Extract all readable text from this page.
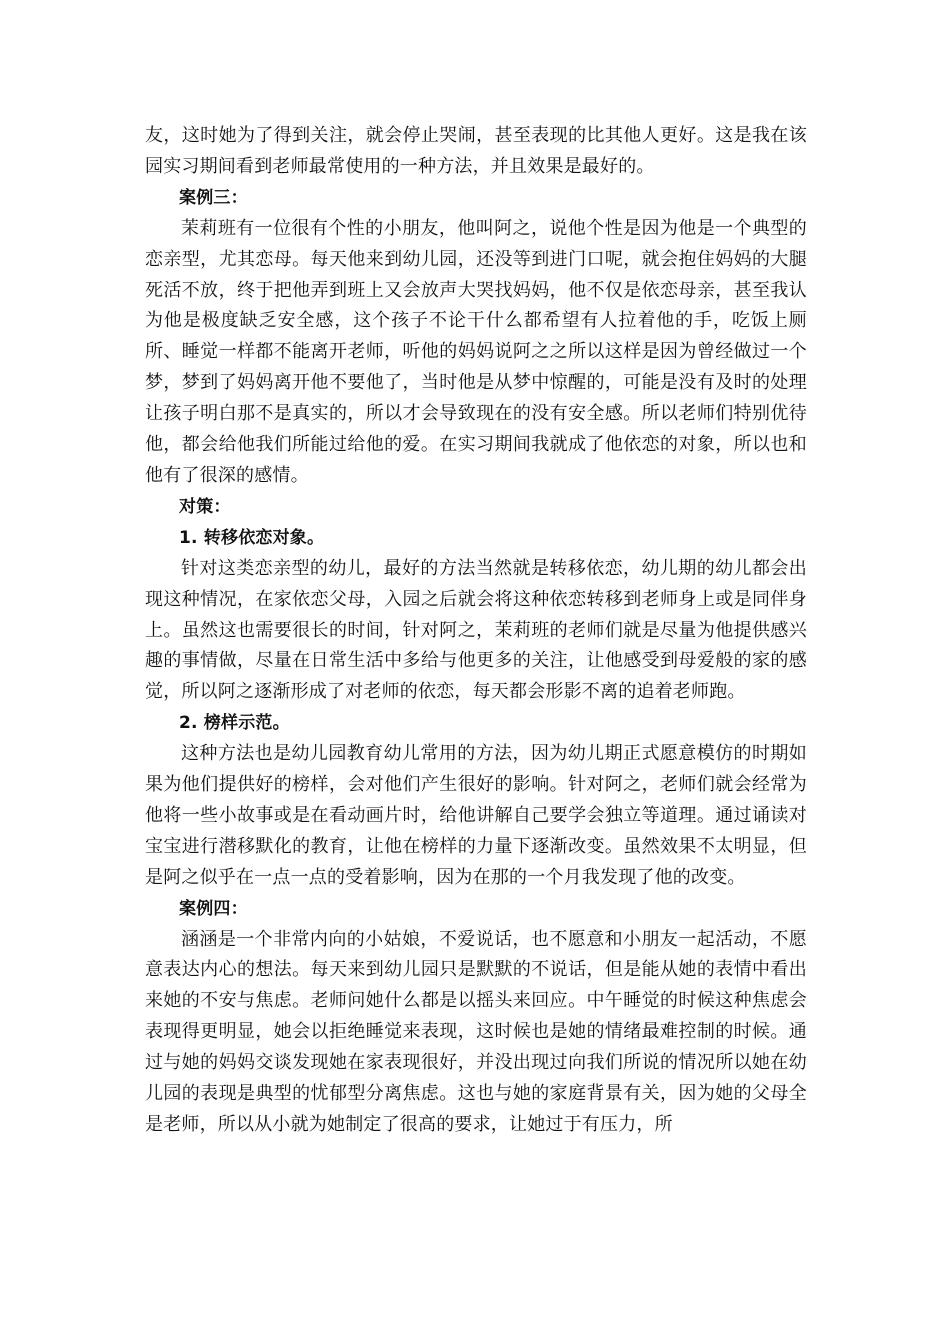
友，这时她为了得到关注，就会停止哭闹，甚至表现的比其他人更好。这是我在该园实习期间看到老师最常使用的一种方法，并且效果是最好的。

案例三：

茉莉班有一位很有个性的小朋友，他叫阿之，说他个性是因为他是一个典型的恋亲型，尤其恋母。每天他来到幼儿园，还没等到进门口呢，就会抱住妈妈的大腿死活不放，终于把他弄到班上又会放声大哭找妈妈，他不仅是依恋母亲，甚至我认为他是极度缺乏安全感，这个孩子不论干什么都希望有人拉着他的手，吃饭上厕所、睡觉一样都不能离开老师，听他的妈妈说阿之之所以这样是因为曾经做过一个梦，梦到了妈妈离开他不要他了，当时他是从梦中惊醒的，可能是没有及时的处理让孩子明白那不是真实的，所以才会导致现在的没有安全感。所以老师们特别优待他，都会给他我们所能过给他的爱。在实习期间我就成了他依恋的对象，所以也和他有了很深的感情。

对策：

1. 转移依恋对象。

针对这类恋亲型的幼儿，最好的方法当然就是转移依恋，幼儿期的幼儿都会出现这种情况，在家依恋父母，入园之后就会将这种依恋转移到老师身上或是同伴身上。虽然这也需要很长的时间，针对阿之，茉莉班的老师们就是尽量为他提供感兴趣的事情做，尽量在日常生活中多给与他更多的关注，让他感受到母爱般的家的感觉，所以阿之逐渐形成了对老师的依恋，每天都会形影不离的追着老师跑。

2. 榜样示范。

这种方法也是幼儿园教育幼儿常用的方法，因为幼儿期正式愿意模仿的时期如果为他们提供好的榜样，会对他们产生很好的影响。针对阿之，老师们就会经常为他将一些小故事或是在看动画片时，给他讲解自己要学会独立等道理。通过诵读对宝宝进行潜移默化的教育，让他在榜样的力量下逐渐改变。虽然效果不太明显，但是阿之似乎在一点一点的受着影响，因为在那的一个月我发现了他的改变。

案例四：

涵涵是一个非常内向的小姑娘，不爱说话，也不愿意和小朋友一起活动，不愿意表达内心的想法。每天来到幼儿园只是默默的不说话，但是能从她的表情中看出来她的不安与焦虑。老师问她什么都是以摇头来回应。中午睡觉的时候这种焦虑会表现得更明显，她会以拒绝睡觉来表现，这时候也是她的情绪最难控制的时候。通过与她的妈妈交谈发现她在家表现很好，并没出现过向我们所说的情况所以她在幼儿园的表现是典型的忧郁型分离焦虑。这也与她的家庭背景有关，因为她的父母全是老师，所以从小就为她制定了很高的要求，让她过于有压力，所
